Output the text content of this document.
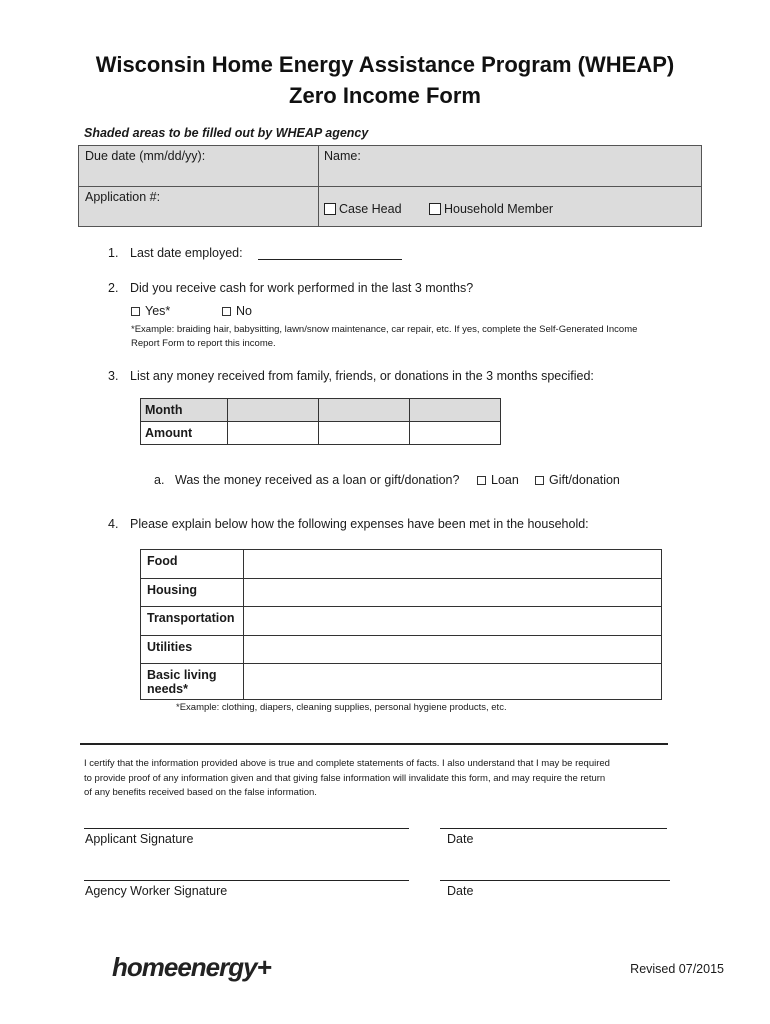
Wisconsin Home Energy Assistance Program (WHEAP)
Zero Income Form
Shaded areas to be filled out by WHEAP agency
Due date (mm/dd/yy):	Name:
Application #:
Case Head	Household Member
1. Last date employed:
2. Did you receive cash for work performed in the last 3 months?
Yes*	No
*Example: braiding hair, babysitting, lawn/snow maintenance, car repair, etc. If yes, complete the Self-Generated Income
Report Form to report this income.
3. List any money received from family, friends, or donations in the 3 months specified:
Month			
Amount			
a. Was the money received as a loan or gift/donation?	Loan	Gift/donation
4. Please explain below how the following expenses have been met in the household:
Food	
Housing	
Transportation	
Utilities	
Basic living needs*	
*Example: clothing, diapers, cleaning supplies, personal hygiene products, etc.
I certify that the information provided above is true and complete statements of facts. I also understand that I may be required
to provide proof of any information given and that giving false information will invalidate this form, and may require the return
of any benefits received based on the false information.
Applicant Signature	Date
Agency Worker Signature	Date
homeenergy+	Revised 07/2015
